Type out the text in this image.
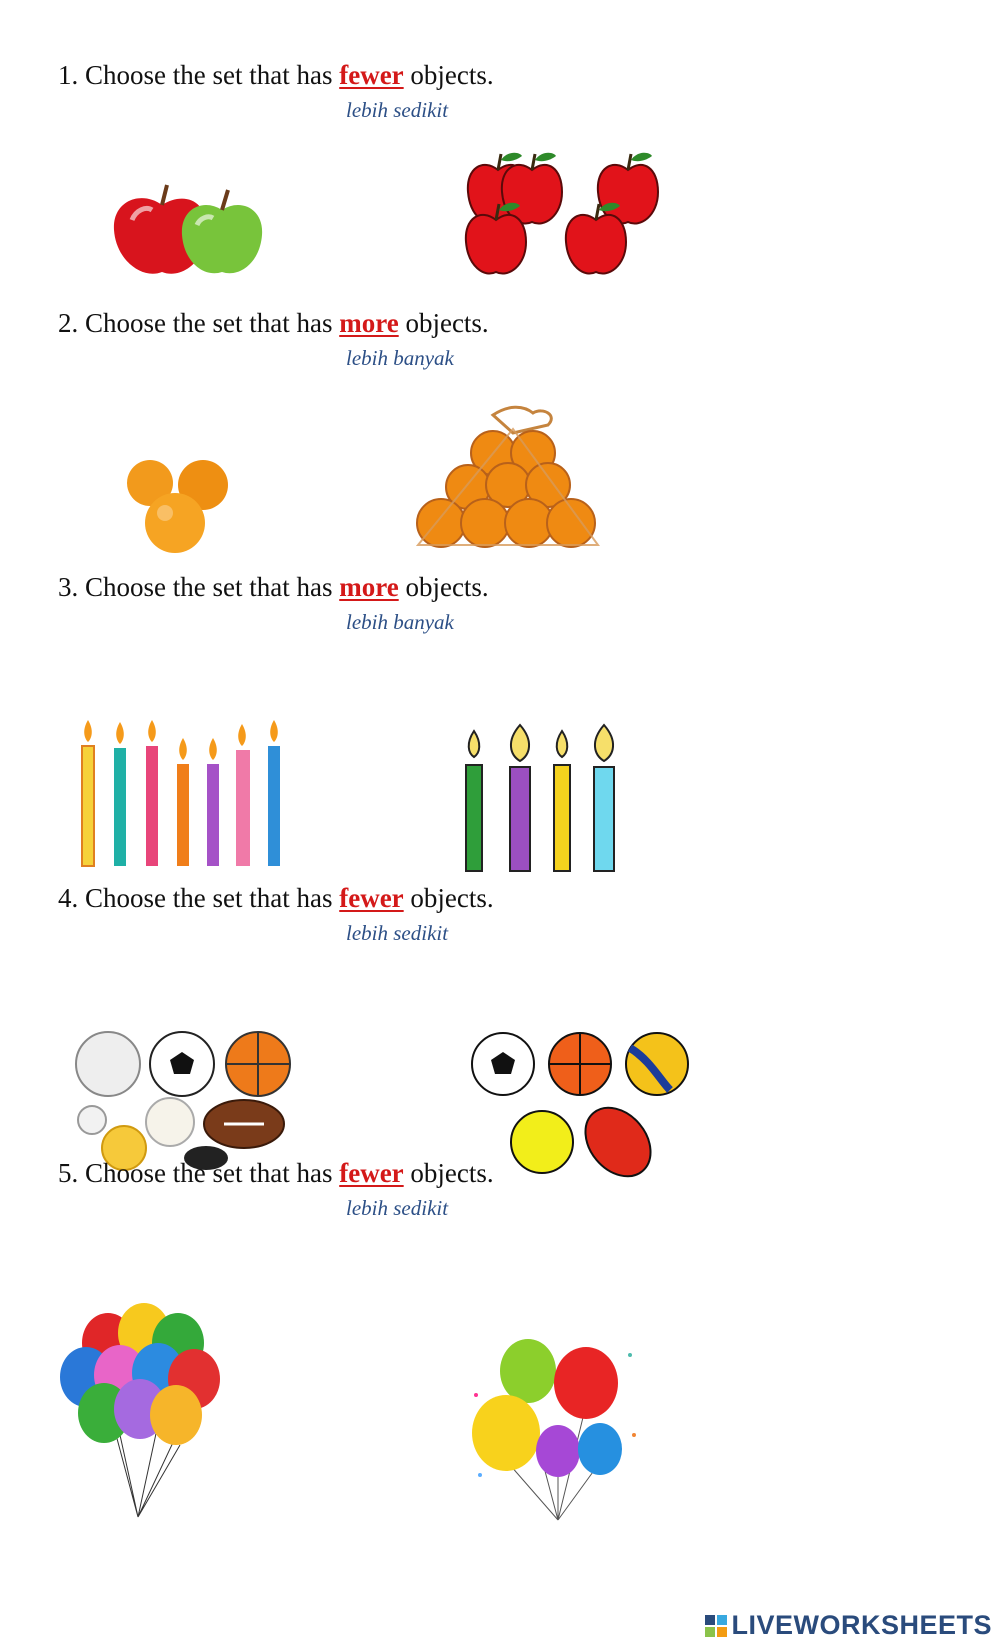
1. Choose the set that has fewer objects.
lebih sedikit
2. Choose the set that has more objects.
lebih banyak
3. Choose the set that has more objects.
lebih banyak
4. Choose the set that has fewer objects.
lebih sedikit
5. Choose the set that has fewer objects.
lebih sedikit
LIVEWORKSHEETS
